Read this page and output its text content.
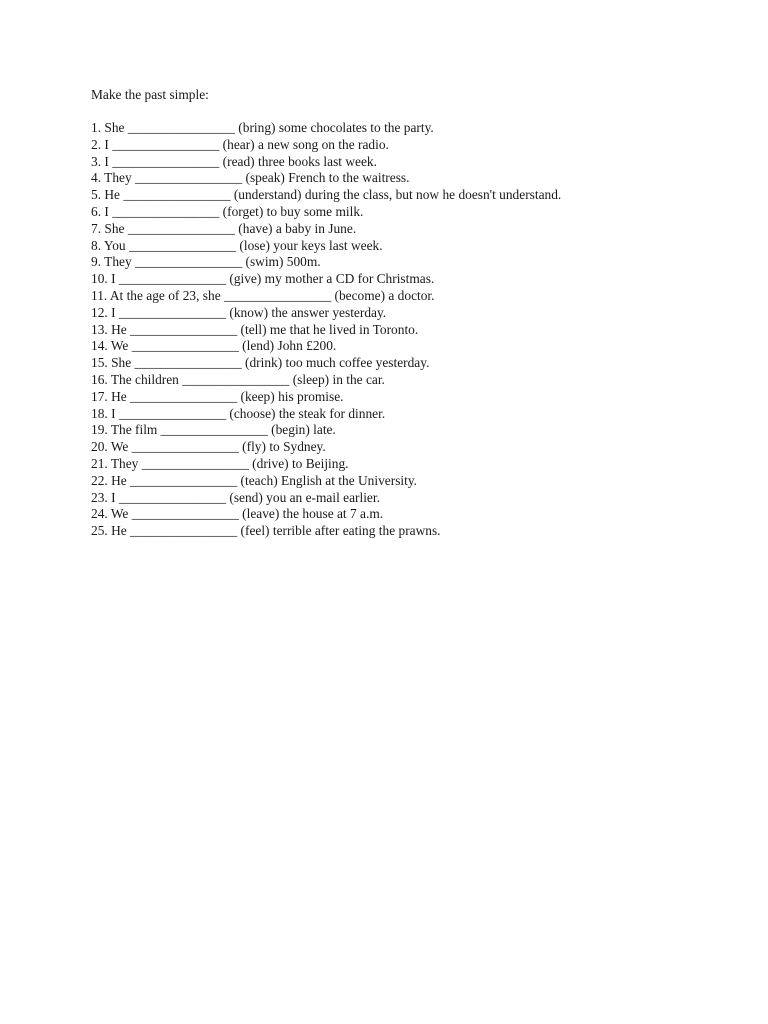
Make the past simple:

1. She ________________ (bring) some chocolates to the party.
2. I ________________ (hear) a new song on the radio.
3. I ________________ (read) three books last week.
4. They ________________ (speak) French to the waitress.
5. He ________________ (understand) during the class, but now he doesn't understand.
6. I ________________ (forget) to buy some milk.
7. She ________________ (have) a baby in June.
8. You ________________ (lose) your keys last week.
9. They ________________ (swim) 500m.
10. I ________________ (give) my mother a CD for Christmas.
11. At the age of 23, she ________________ (become) a doctor.
12. I ________________ (know) the answer yesterday.
13. He ________________ (tell) me that he lived in Toronto.
14. We ________________ (lend) John £200.
15. She ________________ (drink) too much coffee yesterday.
16. The children ________________ (sleep) in the car.
17. He ________________ (keep) his promise.
18. I ________________ (choose) the steak for dinner.
19. The film ________________ (begin) late.
20. We ________________ (fly) to Sydney.
21. They ________________ (drive) to Beijing.
22. He ________________ (teach) English at the University.
23. I ________________ (send) you an e-mail earlier.
24. We ________________ (leave) the house at 7 a.m.
25. He ________________ (feel) terrible after eating the prawns.
